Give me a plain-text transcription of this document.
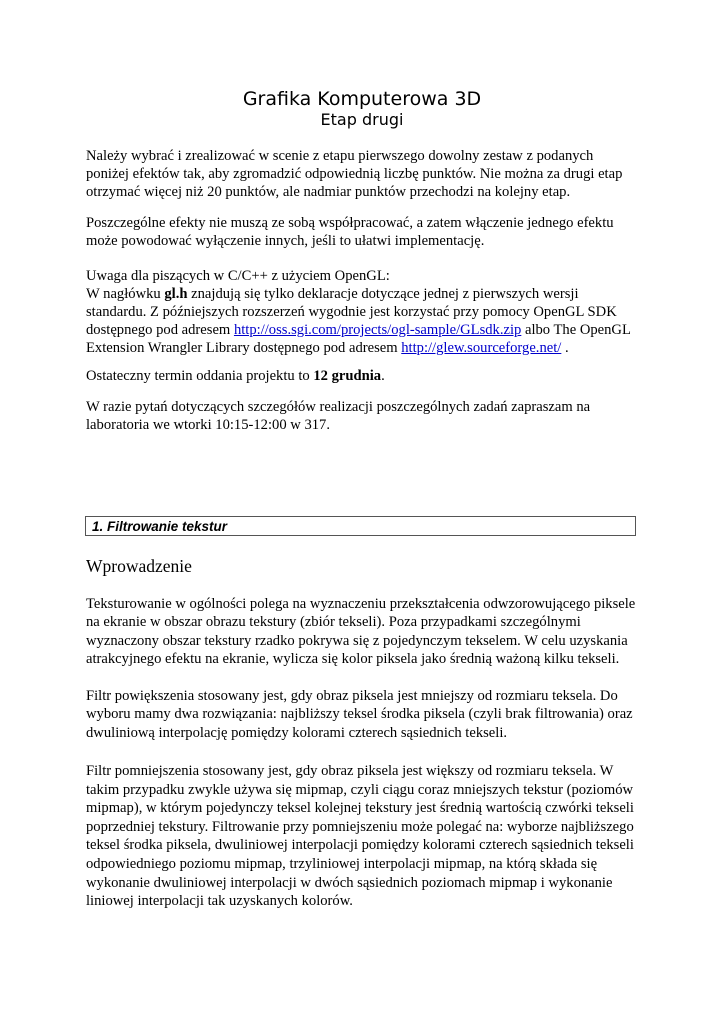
Grafika Komputerowa 3D
Etap drugi
Należy wybrać i zrealizować w scenie z etapu pierwszego dowolny zestaw z podanych
poniżej efektów tak, aby zgromadzić odpowiednią liczbę punktów. Nie można za drugi etap
otrzymać więcej niż 20 punktów, ale nadmiar punktów przechodzi na kolejny etap.
Poszczególne efekty nie muszą ze sobą współpracować, a zatem włączenie jednego efektu
może powodować wyłączenie innych, jeśli to ułatwi implementację.
Uwaga dla piszących w C/C++ z użyciem OpenGL:
W nagłówku gl.h znajdują się tylko deklaracje dotyczące jednej z pierwszych wersji
standardu. Z późniejszych rozszerzeń wygodnie jest korzystać przy pomocy OpenGL SDK
dostępnego pod adresem http://oss.sgi.com/projects/ogl-sample/GLsdk.zip albo The OpenGL
Extension Wrangler Library dostępnego pod adresem http://glew.sourceforge.net/ .
Ostateczny termin oddania projektu to 12 grudnia.
W razie pytań dotyczących szczegółów realizacji poszczególnych zadań zapraszam na
laboratoria we wtorki 10:15-12:00 w 317.
1. Filtrowanie tekstur
Wprowadzenie
Teksturowanie w ogólności polega na wyznaczeniu przekształcenia odwzorowującego piksele
na ekranie w obszar obrazu tekstury (zbiór tekseli). Poza przypadkami szczególnymi
wyznaczony obszar tekstury rzadko pokrywa się z pojedynczym tekselem. W celu uzyskania
atrakcyjnego efektu na ekranie, wylicza się kolor piksela jako średnią ważoną kilku tekseli.
Filtr powiększenia stosowany jest, gdy obraz piksela jest mniejszy od rozmiaru teksela. Do
wyboru mamy dwa rozwiązania: najbliższy teksel środka piksela (czyli brak filtrowania) oraz
dwuliniową interpolację pomiędzy kolorami czterech sąsiednich tekseli.
Filtr pomniejszenia stosowany jest, gdy obraz piksela jest większy od rozmiaru teksela. W
takim przypadku zwykle używa się mipmap, czyli ciągu coraz mniejszych tekstur (poziomów
mipmap), w którym pojedynczy teksel kolejnej tekstury jest średnią wartością czwórki tekseli
poprzedniej tekstury. Filtrowanie przy pomniejszeniu może polegać na: wyborze najbliższego
teksel środka piksela, dwuliniowej interpolacji pomiędzy kolorami czterech sąsiednich tekseli
odpowiedniego poziomu mipmap, trzyliniowej interpolacji mipmap, na którą składa się
wykonanie dwuliniowej interpolacji w dwóch sąsiednich poziomach mipmap i wykonanie
liniowej interpolacji tak uzyskanych kolorów.
